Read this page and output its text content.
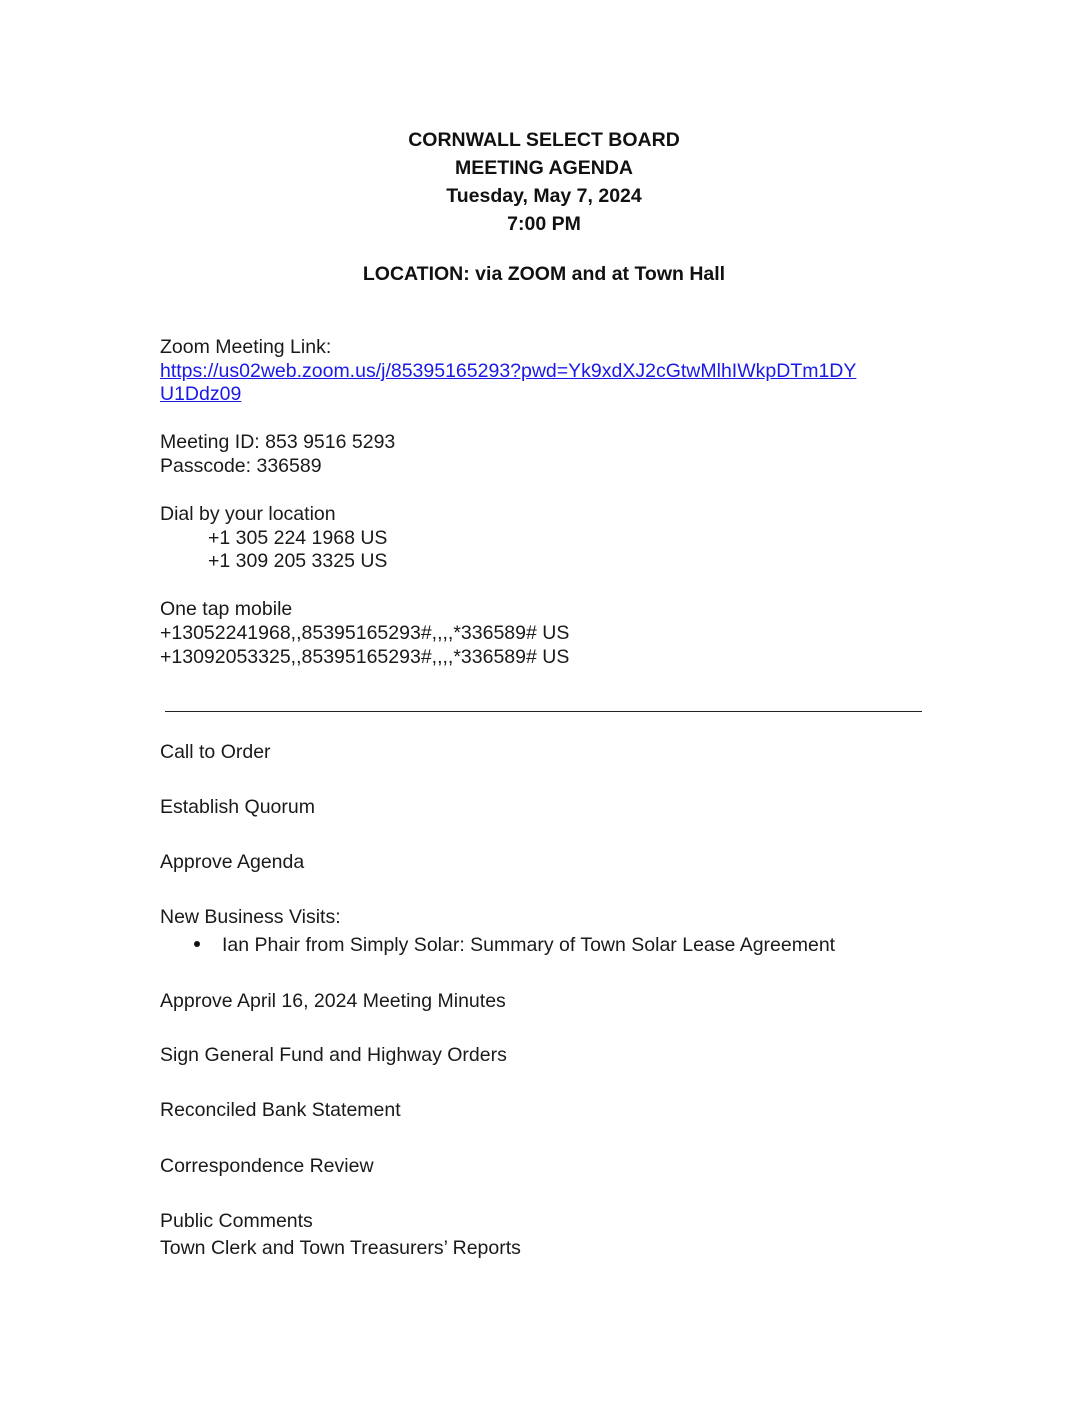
CORNWALL SELECT BOARD
MEETING AGENDA
Tuesday, May 7, 2024
7:00 PM
LOCATION: via ZOOM and at Town Hall
Zoom Meeting Link:
https://us02web.zoom.us/j/85395165293?pwd=Yk9xdXJ2cGtwMlhIWkpDTm1DY
U1Ddz09
Meeting ID: 853 9516 5293
Passcode: 336589
Dial by your location
+1 305 224 1968 US
+1 309 205 3325 US
One tap mobile
+13052241968,,85395165293#,,,,*336589# US
+13092053325,,85395165293#,,,,*336589# US
Call to Order
Establish Quorum
Approve Agenda
New Business Visits:
Ian Phair from Simply Solar: Summary of Town Solar Lease Agreement
Approve April 16, 2024 Meeting Minutes
Sign General Fund and Highway Orders
Reconciled Bank Statement
Correspondence Review
Public Comments
Town Clerk and Town Treasurers’ Reports
